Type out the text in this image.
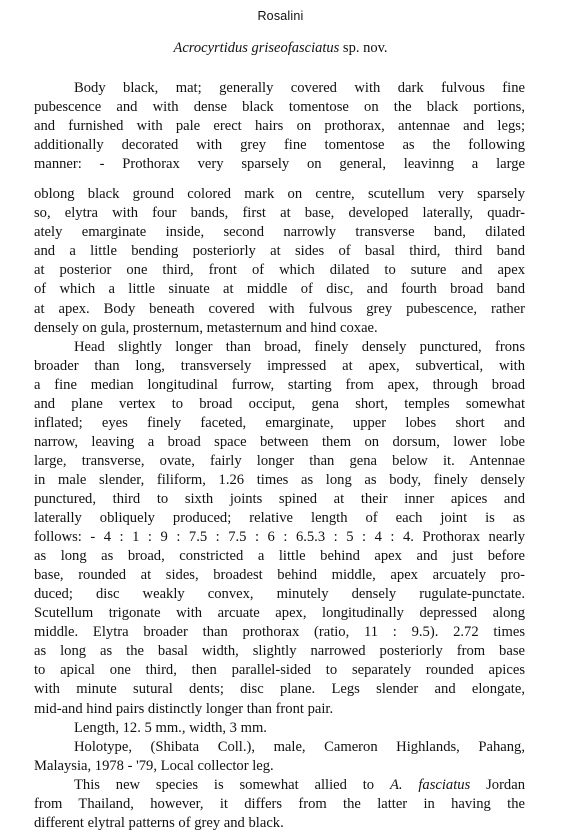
Rosalini
Acrocyrtidus griseofasciatus sp. nov.
Body black, mat; generally covered with dark fulvous fine
pubescence and with dense black tomentose on the black portions,
and furnished with pale erect hairs on prothorax, antennae and legs;
additionally decorated with grey fine tomentose as the following
manner: - Prothorax very sparsely on general, leavinng a large
oblong black ground colored mark on centre, scutellum very sparsely
so, elytra with four bands, first at base, developed laterally, quadr-
ately emarginate inside, second narrowly transverse band, dilated
and a little bending posteriorly at sides of basal third, third band
at posterior one third, front of which dilated to suture and apex
of which a little sinuate at middle of disc, and fourth broad band
at apex. Body beneath covered with fulvous grey pubescence, rather
densely on gula, prosternum, metasternum and hind coxae.
Head slightly longer than broad, finely densely punctured, frons
broader than long, transversely impressed at apex, subvertical, with
a fine median longitudinal furrow, starting from apex, through broad
and plane vertex to broad occiput, gena short, temples somewhat
inflated; eyes finely faceted, emarginate, upper lobes short and
narrow, leaving a broad space between them on dorsum, lower lobe
large, transverse, ovate, fairly longer than gena below it. Antennae
in male slender, filiform, 1.26 times as long as body, finely densely
punctured, third to sixth joints spined at their inner apices and
laterally obliquely produced; relative length of each joint is as
follows: - 4 : 1 : 9 : 7.5 : 7.5 : 6 : 6.5.3 : 5 : 4 : 4. Prothorax nearly
as long as broad, constricted a little behind apex and just before
base, rounded at sides, broadest behind middle, apex arcuately pro-
duced; disc weakly convex, minutely densely rugulate-punctate.
Scutellum trigonate with arcuate apex, longitudinally depressed along
middle. Elytra broader than prothorax (ratio, 11 : 9.5). 2.72 times
as long as the basal width, slightly narrowed posteriorly from base
to apical one third, then parallel-sided to separately rounded apices
with minute sutural dents; disc plane. Legs slender and elongate,
mid-and hind pairs distinctly longer than front pair.
Length, 12. 5 mm., width, 3 mm.
Holotype, (Shibata Coll.), male, Cameron Highlands, Pahang,
Malaysia, 1978 - '79, Local collector leg.
This new species is somewhat allied to A. fasciatus Jordan
from Thailand, however, it differs from the latter in having the
different elytral patterns of grey and black.
